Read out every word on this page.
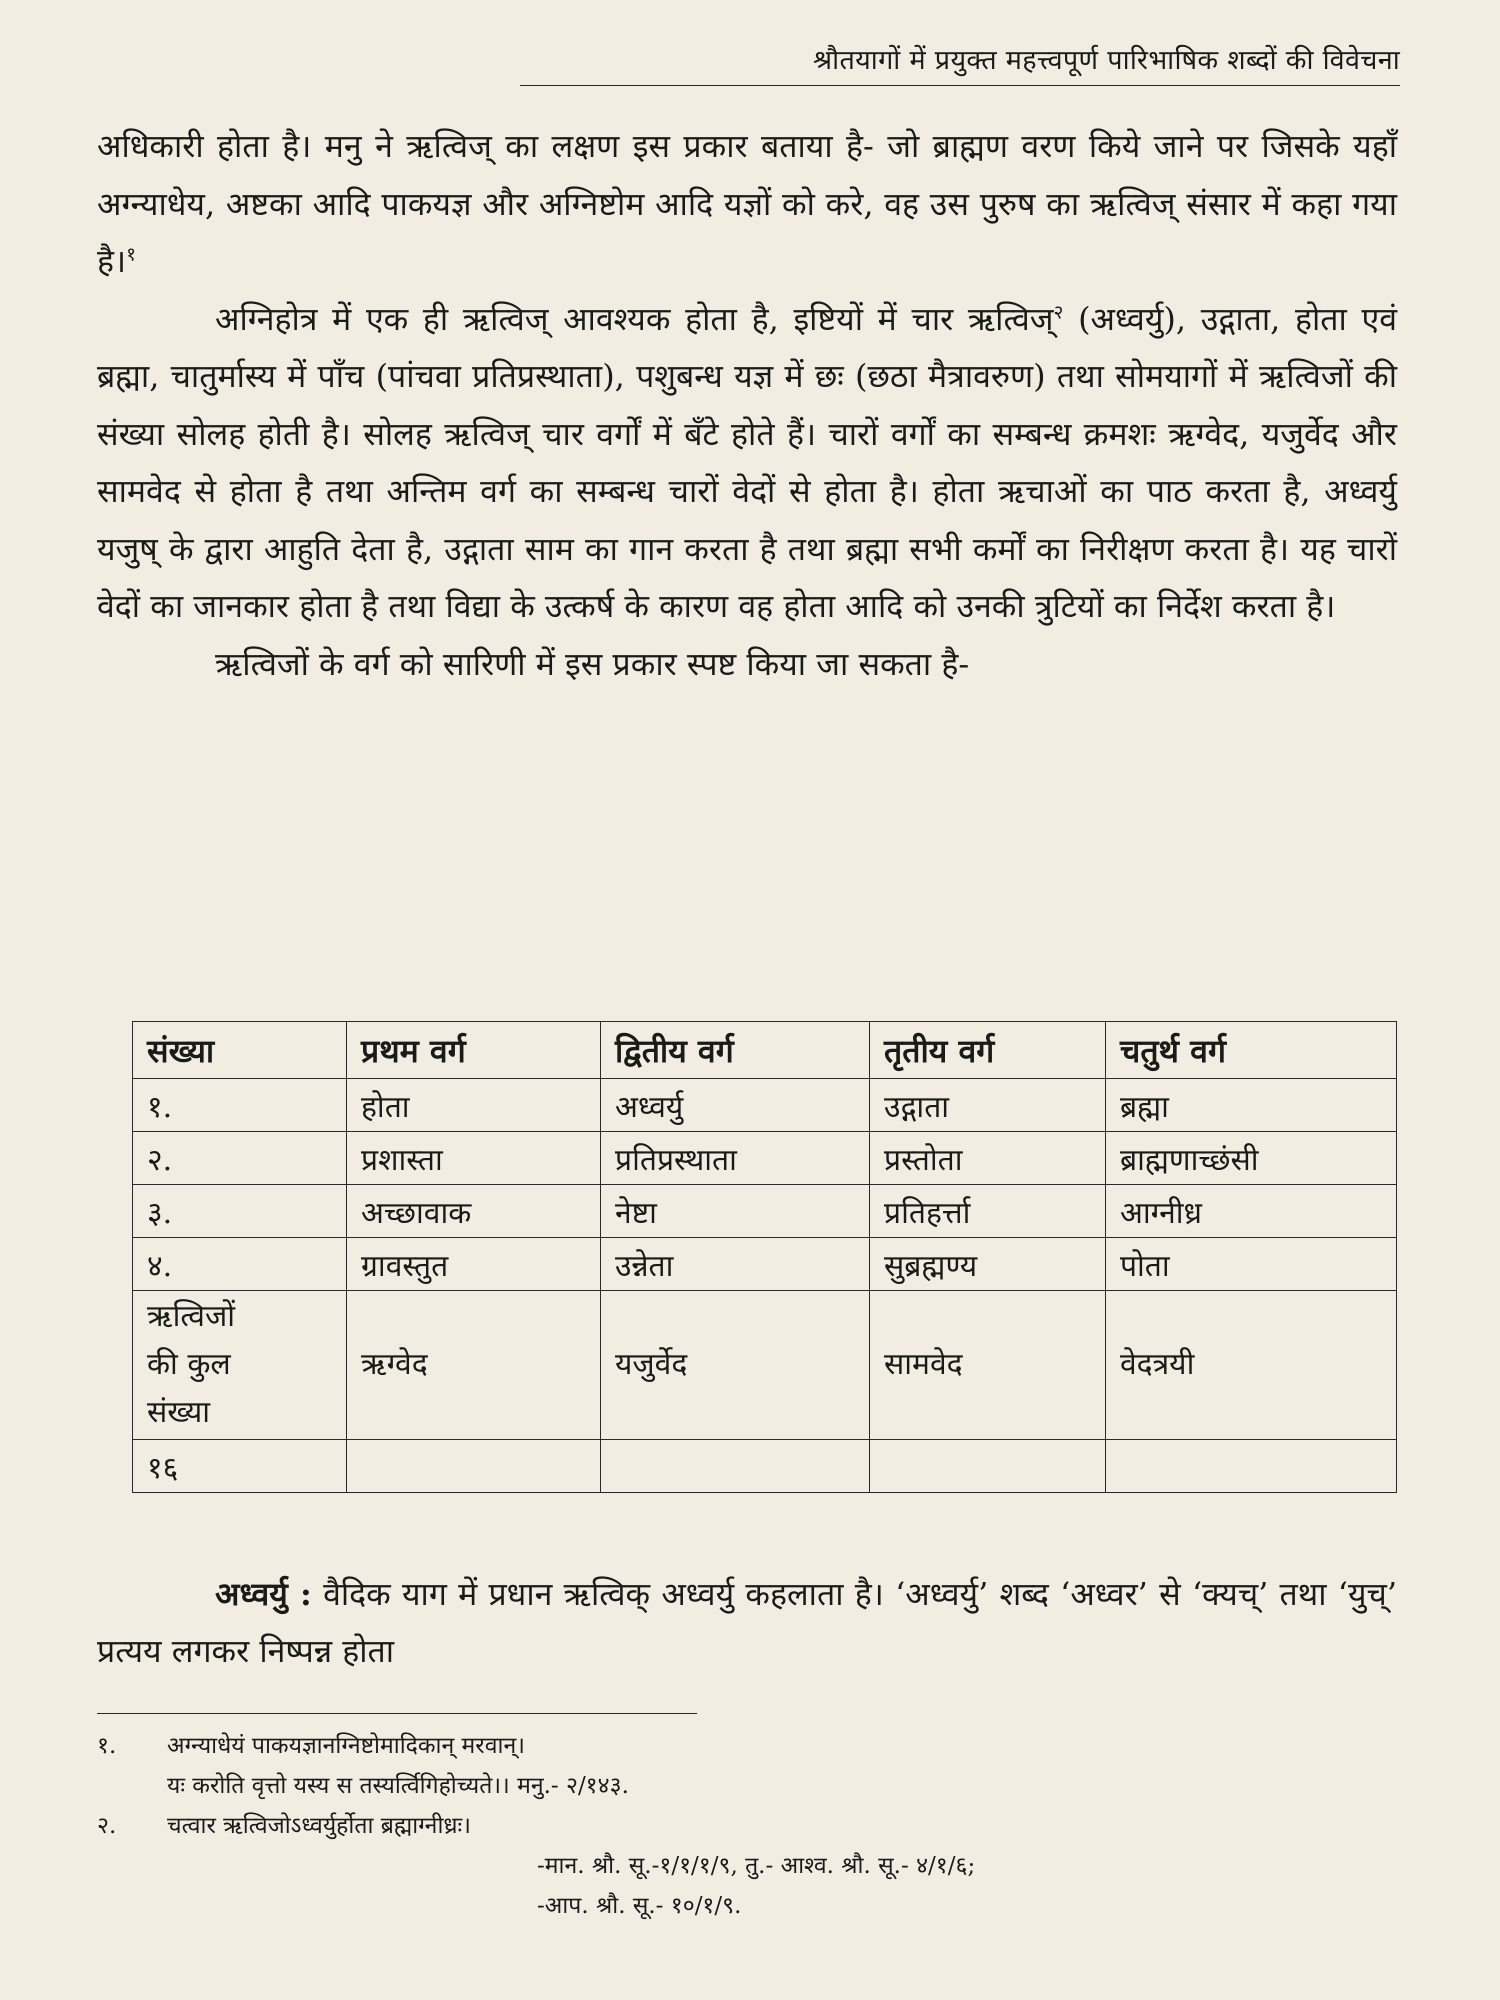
श्रौतयागों में प्रयुक्त महत्त्वपूर्ण पारिभाषिक शब्दों की विवेचना

अधिकारी होता है। मनु ने ऋत्विज् का लक्षण इस प्रकार बताया है- जो ब्राह्मण वरण किये जाने पर जिसके यहाँ अग्न्याधेय, अष्टका आदि पाकयज्ञ और अग्निष्टोम आदि यज्ञों को करे, वह उस पुरुष का ऋत्विज् संसार में कहा गया है।$^१$

अग्निहोत्र में एक ही ऋत्विज् आवश्यक होता है, इष्टियों में चार ऋत्विज्$^२$ (अध्वर्यु), उद्गाता, होता एवं ब्रह्मा, चातुर्मास्य में पाँच (पांचवा प्रतिप्रस्थाता), पशुबन्ध यज्ञ में छः (छठा मैत्रावरुण) तथा सोमयागों में ऋत्विजों की संख्या सोलह होती है। सोलह ऋत्विज् चार वर्गों में बँटे होते हैं। चारों वर्गों का सम्बन्ध क्रमशः ऋग्वेद, यजुर्वेद और सामवेद से होता है तथा अन्तिम वर्ग का सम्बन्ध चारों वेदों से होता है। होता ऋचाओं का पाठ करता है, अध्वर्यु यजुष् के द्वारा आहुति देता है, उद्गाता साम का गान करता है तथा ब्रह्मा सभी कर्मों का निरीक्षण करता है। यह चारों वेदों का जानकार होता है तथा विद्या के उत्कर्ष के कारण वह होता आदि को उनकी त्रुटियों का निर्देश करता है।

ऋत्विजों के वर्ग को सारिणी में इस प्रकार स्पष्ट किया जा सकता है-

संख्या	प्रथम वर्ग	द्वितीय वर्ग	तृतीय वर्ग	चतुर्थ वर्ग
१.	होता	अध्वर्यु	उद्गाता	ब्रह्मा
२.	प्रशास्ता	प्रतिप्रस्थाता	प्रस्तोता	ब्राह्मणाच्छंसी
३.	अच्छावाक	नेष्टा	प्रतिहर्त्ता	आग्नीध्र
४.	ग्रावस्तुत	उन्नेता	सुब्रह्मण्य	पोता
ऋत्विजों
की कुल
संख्या	ऋग्वेद	यजुर्वेद	सामवेद	वेदत्रयी
१६				

अध्वर्यु : वैदिक याग में प्रधान ऋत्विक् अध्वर्यु कहलाता है। ‘अध्वर्यु’ शब्द ‘अध्वर’ से ‘क्यच्’ तथा ‘युच्’ प्रत्यय लगकर निष्पन्न होता

१.	अग्न्याधेयं पाकयज्ञानग्निष्टोमादिकान् मरवान्।
यः करोति वृत्तो यस्य स तस्यर्त्विगिहोच्यते।। मनु.- २/१४३.
२.	चत्वार ऋत्विजोऽध्वर्युर्होता ब्रह्माग्नीध्रः।
-मान. श्रौ. सू.-१/१/१/९, तु.- आश्व. श्रौ. सू.- ४/१/६;
-आप. श्रौ. सू.- १०/१/९.
